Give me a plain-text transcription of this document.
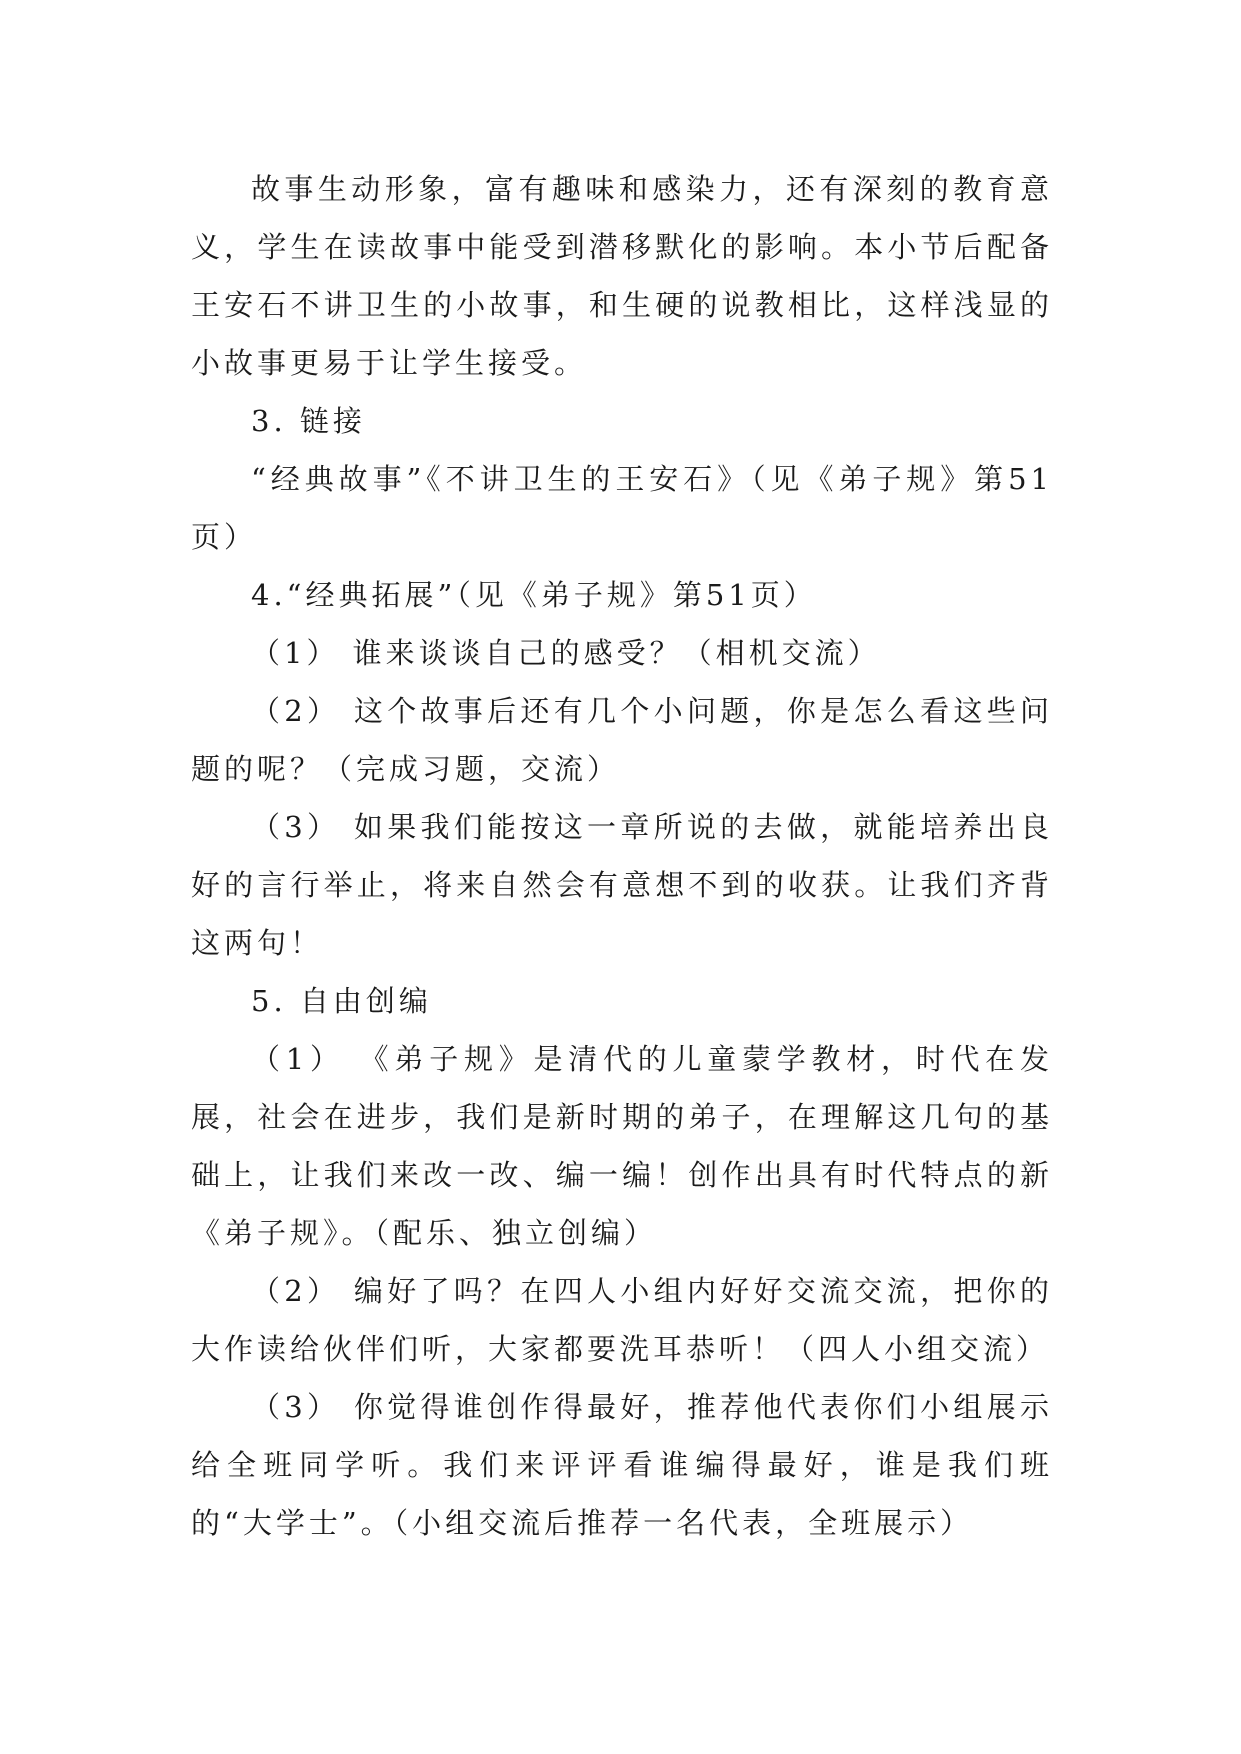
故事生动形象，富有趣味和感染力，还有深刻的教育意义，学生在读故事中能受到潜移默化的影响。本小节后配备王安石不讲卫生的小故事，和生硬的说教相比，这样浅显的小故事更易于让学生接受。

3. 链接

“经典故事”《不讲卫生的王安石》（见《弟子规》第51页）

4.“经典拓展”（见《弟子规》第51页）

（1） 谁来谈谈自己的感受？（相机交流）

（2） 这个故事后还有几个小问题，你是怎么看这些问题的呢？（完成习题，交流）

（3） 如果我们能按这一章所说的去做，就能培养出良好的言行举止，将来自然会有意想不到的收获。让我们齐背这两句！

5. 自由创编

（1） 《弟子规》是清代的儿童蒙学教材，时代在发展，社会在进步，我们是新时期的弟子，在理解这几句的基础上，让我们来改一改、编一编！创作出具有时代特点的新《弟子规》。（配乐、独立创编）

（2） 编好了吗？在四人小组内好好交流交流，把你的大作读给伙伴们听，大家都要洗耳恭听！（四人小组交流）

（3） 你觉得谁创作得最好，推荐他代表你们小组展示给全班同学听。我们来评评看谁编得最好，谁是我们班的“大学士”。（小组交流后推荐一名代表，全班展示）
